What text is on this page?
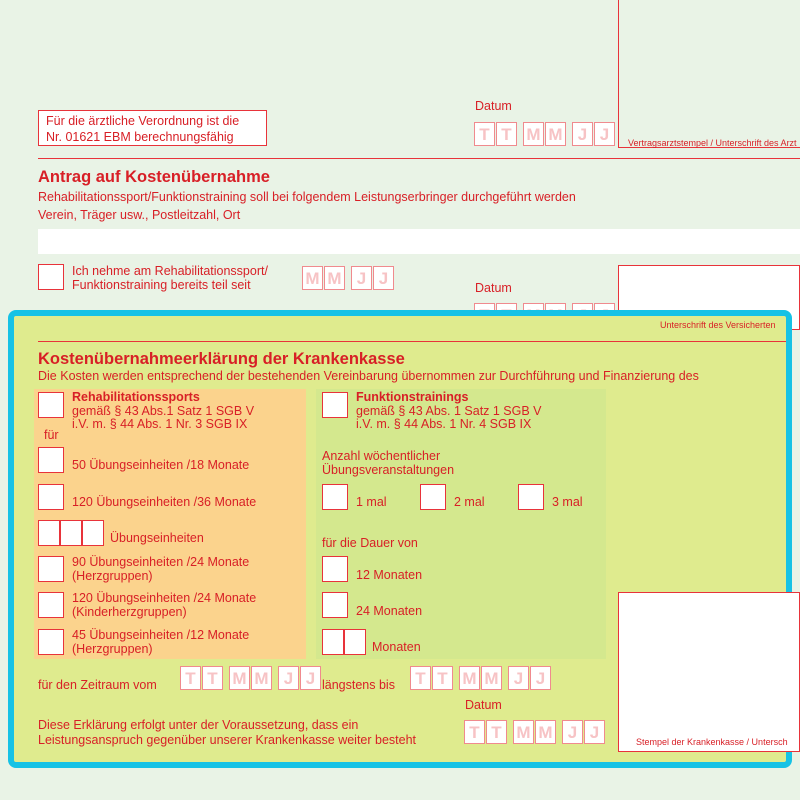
Vertragsarztstempel / Unterschrift des Arzt
Für die ärztliche Verordnung ist die
Nr. 01621 EBM berechnungsfähig
Datum
T T M M J J
Antrag auf Kostenübernahme
Rehabilitationssport/Funktionstraining soll bei folgendem Leistungserbringer durchgeführt werden
Verein, Träger usw., Postleitzahl, Ort
Ich nehme am Rehabilitationssport/
Funktionstraining bereits teil seit	M M J J	Datum
Unterschrift des Versicherten
Kostenübernahmeerklärung der Krankenkasse
Die Kosten werden entsprechend der bestehenden Vereinbarung übernommen zur Durchführung und Finanzierung des
Rehabilitationssports
gemäß § 43 Abs.1 Satz 1 SGB V
i.V. m. § 44 Abs. 1 Nr. 3 SGB IX
für
50 Übungseinheiten /18 Monate
120 Übungseinheiten /36 Monate
Übungseinheiten
90 Übungseinheiten /24 Monate
(Herzgruppen)
120 Übungseinheiten /24 Monate
(Kinderherzgruppen)
45 Übungseinheiten /12 Monate
(Herzgruppen)
Funktionstrainings
gemäß § 43 Abs. 1 Satz 1 SGB V
i.V. m. § 44 Abs. 1 Nr. 4 SGB IX
Anzahl wöchentlicher
Übungsveranstaltungen
1 mal	2 mal	3 mal
für die Dauer von
12 Monaten
24 Monaten
Monaten
für den Zeitraum vom	T T M M J J längstens bis	T T M M J J
Stempel der Krankenkasse / Untersch
Datum
T T M M J J
Diese Erklärung erfolgt unter der Voraussetzung, dass ein
Leistungsanspruch gegenüber unserer Krankenkasse weiter besteht
